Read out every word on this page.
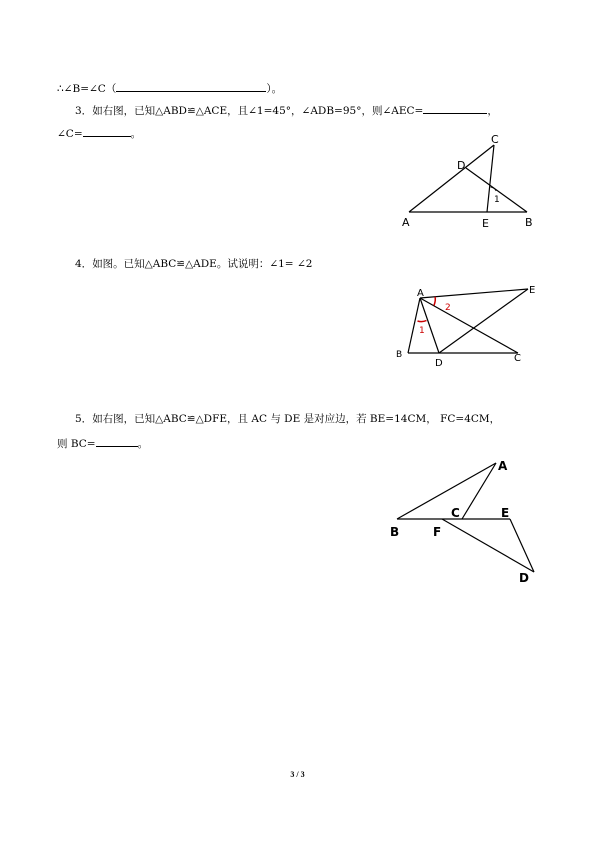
∴∠B=∠C（	）。
3．如右图，已知△ABD≌△ACE，且∠1=45°，∠ADB=95°，则∠AEC=	，
∠C=	。	C
D
1
A	E	B
4．如图。已知△ABC≌△ADE。试说明：∠1= ∠2
A	E
2
1
B
D	C
5．如右图，已知△ABC≌△DFE，且 AC 与 DE 是对应边，若 BE=14CM， FC=4CM，
则 BC=	。
A
C	E
B	F
D
3 / 3
